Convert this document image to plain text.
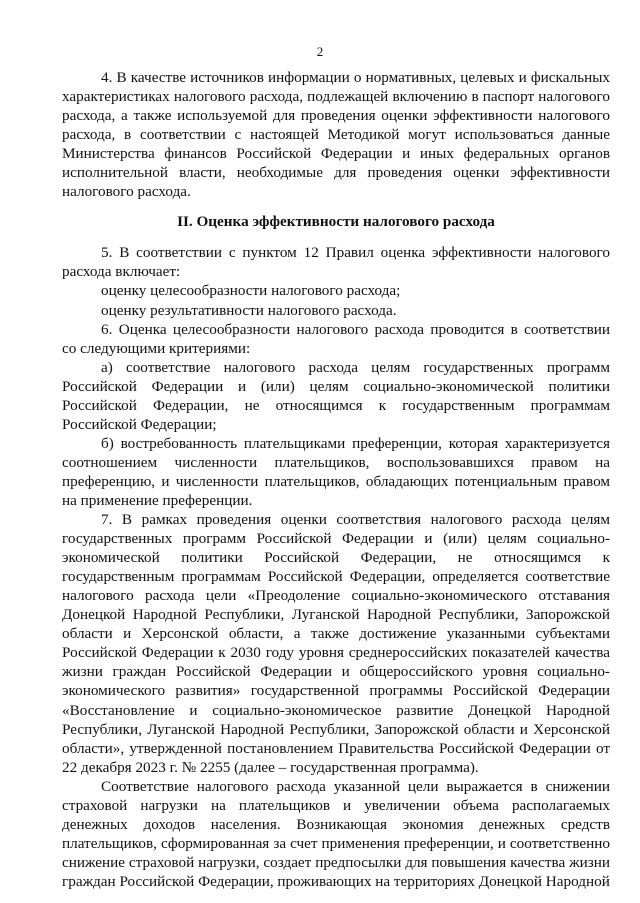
2

4. В качестве источников информации о нормативных, целевых и фискальных характеристиках налогового расхода, подлежащей включению в паспорт налогового расхода, а также используемой для проведения оценки эффективности налогового расхода, в соответствии с настоящей Методикой могут использоваться данные Министерства финансов Российской Федерации и иных федеральных органов исполнительной власти, необходимые для проведения оценки эффективности налогового расхода.

II. Оценка эффективности налогового расхода

5. В соответствии с пунктом 12 Правил оценка эффективности налогового расхода включает:

оценку целесообразности налогового расхода;

оценку результативности налогового расхода.

6. Оценка целесообразности налогового расхода проводится в соответствии со следующими критериями:

а) соответствие налогового расхода целям государственных программ Российской Федерации и (или) целям социально-экономической политики Российской Федерации, не относящимся к государственным программам Российской Федерации;

б) востребованность плательщиками преференции, которая характеризуется соотношением численности плательщиков, воспользовавшихся правом на преференцию, и численности плательщиков, обладающих потенциальным правом на применение преференции.

7. В рамках проведения оценки соответствия налогового расхода целям государственных программ Российской Федерации и (или) целям социально-экономической политики Российской Федерации, не относящимся к государственным программам Российской Федерации, определяется соответствие налогового расхода цели «Преодоление социально-экономического отставания Донецкой Народной Республики, Луганской Народной Республики, Запорожской области и Херсонской области, а также достижение указанными субъектами Российской Федерации к 2030 году уровня среднероссийских показателей качества жизни граждан Российской Федерации и общероссийского уровня социально-экономического развития» государственной программы Российской Федерации «Восстановление и социально-экономическое развитие Донецкой Народной Республики, Луганской Народной Республики, Запорожской области и Херсонской области», утвержденной постановлением Правительства Российской Федерации от 22 декабря 2023 г. № 2255 (далее – государственная программа).

Соответствие налогового расхода указанной цели выражается в снижении страховой нагрузки на плательщиков и увеличении объема располагаемых денежных доходов населения. Возникающая экономия денежных средств плательщиков, сформированная за счет применения преференции, и соответственно снижение страховой нагрузки, создает предпосылки для повышения качества жизни граждан Российской Федерации, проживающих на территориях Донецкой Народной
